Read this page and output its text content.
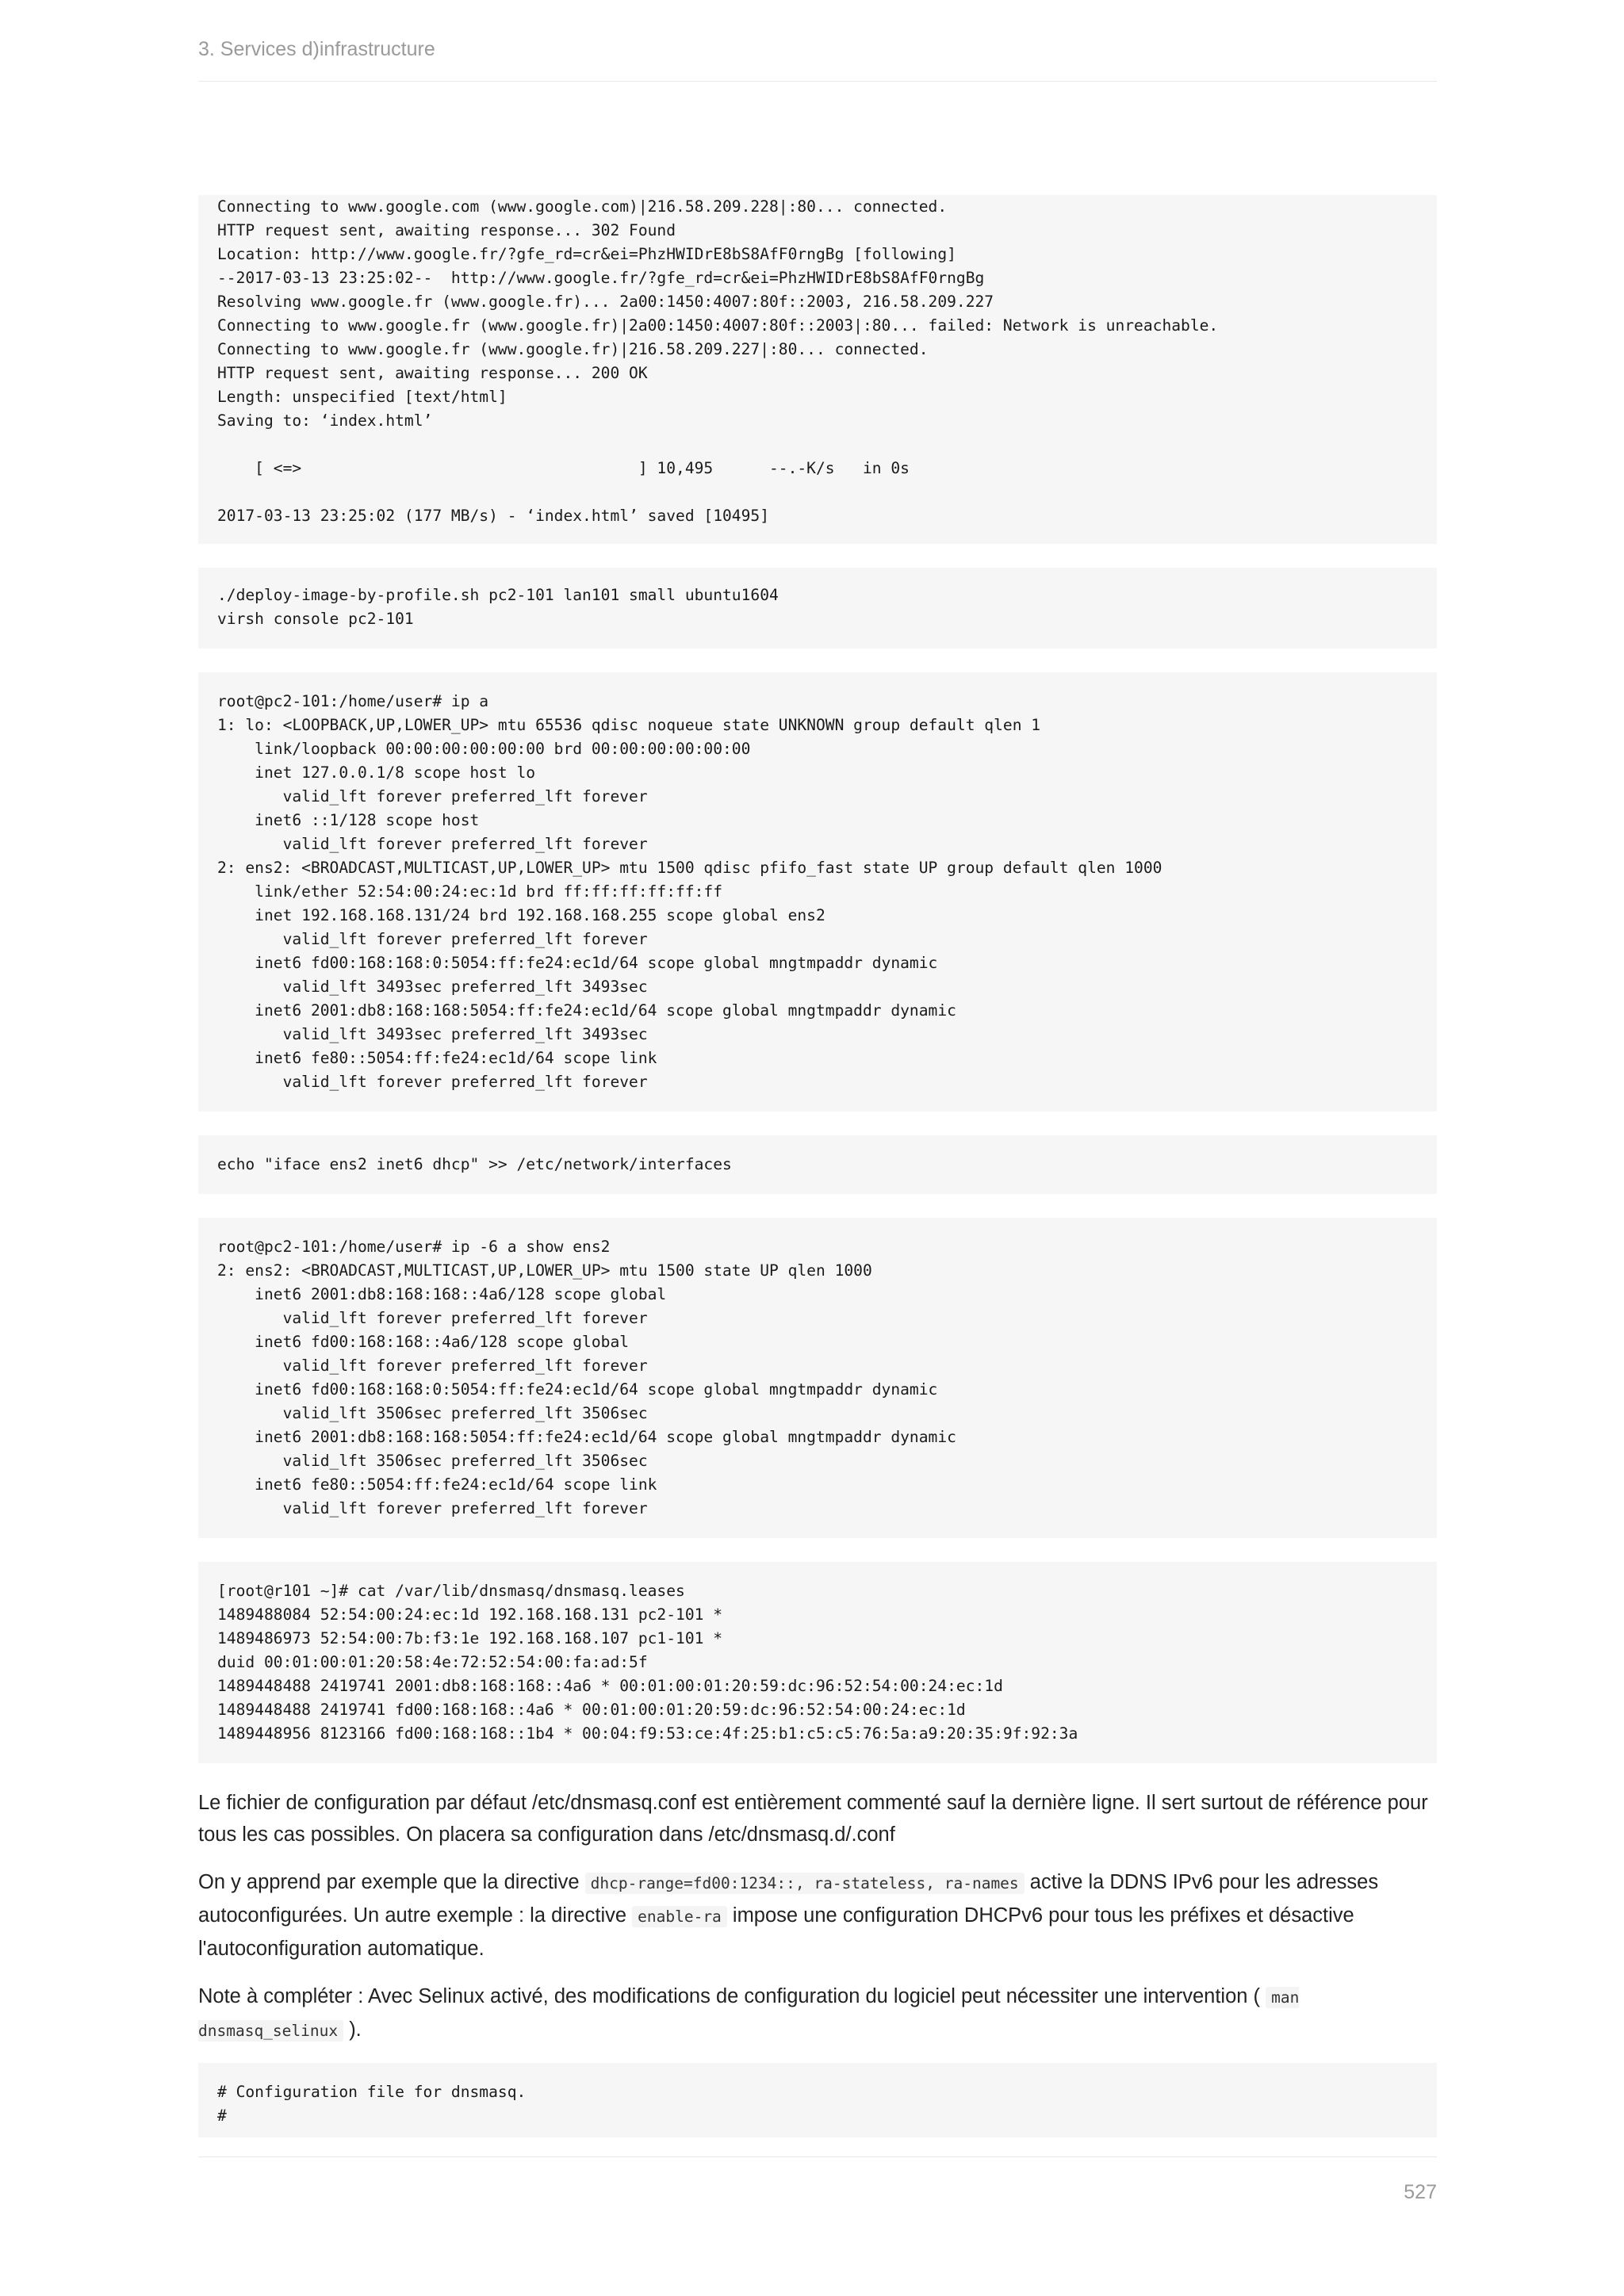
3. Services d)infrastructure
Connecting to www.google.com (www.google.com)|216.58.209.228|:80... connected.
HTTP request sent, awaiting response... 302 Found
Location: http://www.google.fr/?gfe_rd=cr&ei=PhzHWIDrE8bS8AfF0rngBg [following]
--2017-03-13 23:25:02--  http://www.google.fr/?gfe_rd=cr&ei=PhzHWIDrE8bS8AfF0rngBg
Resolving www.google.fr (www.google.fr)... 2a00:1450:4007:80f::2003, 216.58.209.227
Connecting to www.google.fr (www.google.fr)|2a00:1450:4007:80f::2003|:80... failed: Network is unreachable.
Connecting to www.google.fr (www.google.fr)|216.58.209.227|:80... connected.
HTTP request sent, awaiting response... 200 OK
Length: unspecified [text/html]
Saving to: ‘index.html’

[ <=>                                    ] 10,495      --.-K/s   in 0s

2017-03-13 23:25:02 (177 MB/s) - ‘index.html’ saved [10495]
./deploy-image-by-profile.sh pc2-101 lan101 small ubuntu1604
virsh console pc2-101
root@pc2-101:/home/user# ip a
1: lo: <LOOPBACK,UP,LOWER_UP> mtu 65536 qdisc noqueue state UNKNOWN group default qlen 1
link/loopback 00:00:00:00:00:00 brd 00:00:00:00:00:00
inet 127.0.0.1/8 scope host lo
valid_lft forever preferred_lft forever
inet6 ::1/128 scope host
valid_lft forever preferred_lft forever
2: ens2: <BROADCAST,MULTICAST,UP,LOWER_UP> mtu 1500 qdisc pfifo_fast state UP group default qlen 1000
link/ether 52:54:00:24:ec:1d brd ff:ff:ff:ff:ff:ff
inet 192.168.168.131/24 brd 192.168.168.255 scope global ens2
valid_lft forever preferred_lft forever
inet6 fd00:168:168:0:5054:ff:fe24:ec1d/64 scope global mngtmpaddr dynamic
valid_lft 3493sec preferred_lft 3493sec
inet6 2001:db8:168:168:5054:ff:fe24:ec1d/64 scope global mngtmpaddr dynamic
valid_lft 3493sec preferred_lft 3493sec
inet6 fe80::5054:ff:fe24:ec1d/64 scope link
valid_lft forever preferred_lft forever
echo "iface ens2 inet6 dhcp" >> /etc/network/interfaces
root@pc2-101:/home/user# ip -6 a show ens2
2: ens2: <BROADCAST,MULTICAST,UP,LOWER_UP> mtu 1500 state UP qlen 1000
inet6 2001:db8:168:168::4a6/128 scope global
valid_lft forever preferred_lft forever
inet6 fd00:168:168::4a6/128 scope global
valid_lft forever preferred_lft forever
inet6 fd00:168:168:0:5054:ff:fe24:ec1d/64 scope global mngtmpaddr dynamic
valid_lft 3506sec preferred_lft 3506sec
inet6 2001:db8:168:168:5054:ff:fe24:ec1d/64 scope global mngtmpaddr dynamic
valid_lft 3506sec preferred_lft 3506sec
inet6 fe80::5054:ff:fe24:ec1d/64 scope link
valid_lft forever preferred_lft forever
[root@r101 ~]# cat /var/lib/dnsmasq/dnsmasq.leases
1489488084 52:54:00:24:ec:1d 192.168.168.131 pc2-101 *
1489486973 52:54:00:7b:f3:1e 192.168.168.107 pc1-101 *
duid 00:01:00:01:20:58:4e:72:52:54:00:fa:ad:5f
1489448488 2419741 2001:db8:168:168::4a6 * 00:01:00:01:20:59:dc:96:52:54:00:24:ec:1d
1489448488 2419741 fd00:168:168::4a6 * 00:01:00:01:20:59:dc:96:52:54:00:24:ec:1d
1489448956 8123166 fd00:168:168::1b4 * 00:04:f9:53:ce:4f:25:b1:c5:c5:76:5a:a9:20:35:9f:92:3a

Le fichier de configuration par défaut /etc/dnsmasq.conf est entièrement commenté sauf la dernière ligne. Il sert surtout de référence pour tous les cas possibles. On placera sa configuration dans /etc/dnsmasq.d/.conf

On y apprend par exemple que la directive dhcp-range=fd00:1234::, ra-stateless, ra-names active la DDNS IPv6 pour les adresses autoconfigurées. Un autre exemple : la directive enable-ra impose une configuration DHCPv6 pour tous les préfixes et désactive l'autoconfiguration automatique.

Note à compléter : Avec Selinux activé, des modifications de configuration du logiciel peut nécessiter une intervention ( man dnsmasq_selinux ).

# Configuration file for dnsmasq.
#
527
